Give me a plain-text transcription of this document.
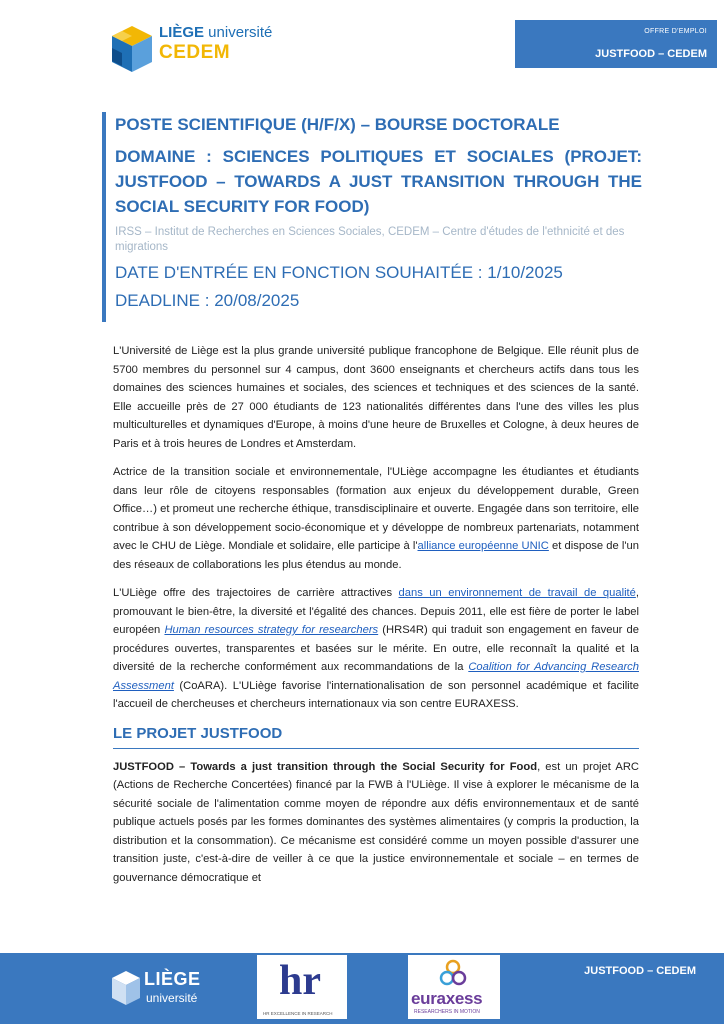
LIÈGE université
CEDEM
OFFRE D'EMPLOI
JUSTFOOD – CEDEM
POSTE SCIENTIFIQUE (H/F/X) – BOURSE DOCTORALE
DOMAINE : SCIENCES POLITIQUES ET SOCIALES (PROJET: JUSTFOOD – TOWARDS A JUST TRANSITION THROUGH THE SOCIAL SECURITY FOR FOOD)
IRSS – Institut de Recherches en Sciences Sociales, CEDEM – Centre d'études de l'ethnicité et des migrations
DATE D'ENTRÉE EN FONCTION SOUHAITÉE : 1/10/2025
DEADLINE : 20/08/2025

L'Université de Liège est la plus grande université publique francophone de Belgique. Elle réunit plus de 5700 membres du personnel sur 4 campus, dont 3600 enseignants et chercheurs actifs dans tous les domaines des sciences humaines et sociales, des sciences et techniques et des sciences de la santé. Elle accueille près de 27 000 étudiants de 123 nationalités différentes dans l'une des villes les plus multiculturelles et dynamiques d'Europe, à moins d'une heure de Bruxelles et Cologne, à deux heures de Paris et à trois heures de Londres et Amsterdam.

Actrice de la transition sociale et environnementale, l'ULiège accompagne les étudiantes et étudiants dans leur rôle de citoyens responsables (formation aux enjeux du développement durable, Green Office…) et promeut une recherche éthique, transdisciplinaire et ouverte. Engagée dans son territoire, elle contribue à son développement socio-économique et y développe de nombreux partenariats, notamment avec le CHU de Liège. Mondiale et solidaire, elle participe à l'alliance européenne UNIC et dispose de l'un des réseaux de collaborations les plus étendus au monde.

L'ULiège offre des trajectoires de carrière attractives dans un environnement de travail de qualité, promouvant le bien-être, la diversité et l'égalité des chances. Depuis 2011, elle est fière de porter le label européen Human resources strategy for researchers (HRS4R) qui traduit son engagement en faveur de procédures ouvertes, transparentes et basées sur le mérite. En outre, elle reconnaît la qualité et la diversité de la recherche conformément aux recommandations de la Coalition for Advancing Research Assessment (CoARA). L'ULiège favorise l'internationalisation de son personnel académique et facilite l'accueil de chercheuses et chercheurs internationaux via son centre EURAXESS.

LE PROJET JUSTFOOD

JUSTFOOD – Towards a just transition through the Social Security for Food, est un projet ARC (Actions de Recherche Concertées) financé par la FWB à l'ULiège. Il vise à explorer le mécanisme de la sécurité sociale de l'alimentation comme moyen de répondre aux défis environnementaux et de santé publique actuels posés par les formes dominantes des systèmes alimentaires (y compris la production, la distribution et la consommation). Ce mécanisme est considéré comme un moyen possible d'assurer une transition juste, c'est-à-dire de veiller à ce que la justice environnementale et sociale – en termes de gouvernance démocratique et

LIÈGE
université hr
HR EXCELLENCE IN RESEARCH
euraxess
RESEARCHERS IN MOTION
JUSTFOOD – CEDEM
